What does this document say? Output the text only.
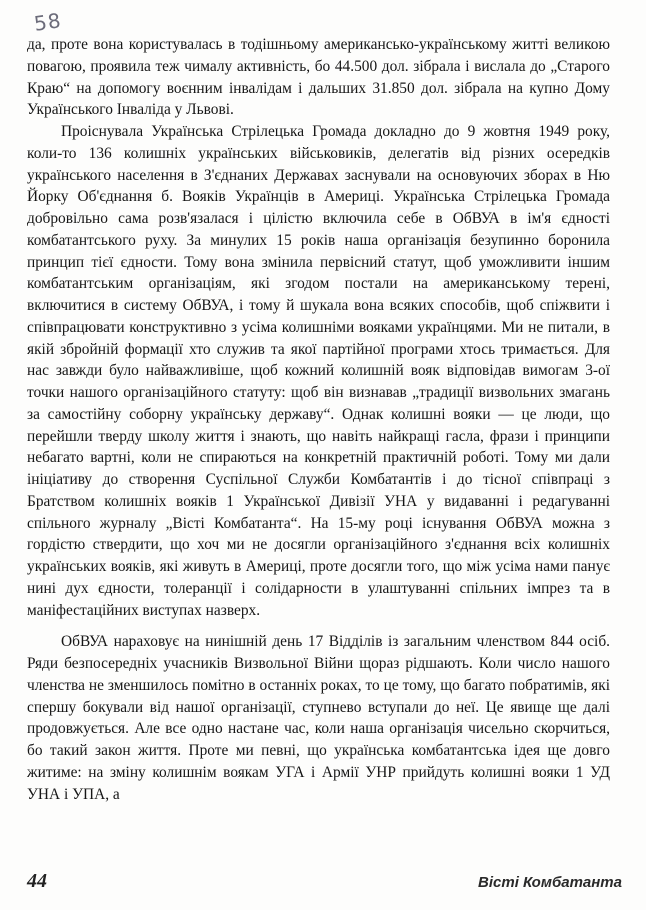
58

да, проте вона користувалась в тодішньому американсько-українському житті великою повагою, проявила теж чималу активність, бо 44.500 дол. зібрала і вислала до „Старого Краю“ на допомогу воєнним інвалідам і дальших 31.850 дол. зібрала на купно Дому Українського Інваліда у Львові.

Проіснувала Українська Стрілецька Громада докладно до 9 жовтня 1949 року, коли-то 136 колишніх українських військовиків, делегатів від різних осередків українського населення в З'єднаних Державах заснували на основуючих зборах в Ню Йорку Об'єднання б. Вояків Українців в Америці. Українська Стрілецька Громада добровільно сама розв'язалася і цілістю включила себе в ОбВУА в ім'я єдності комбатантського руху. За минулих 15 років наша організація безупинно боронила принцип тієї єдности. Тому вона змінила первісний статут, щоб уможливити іншим комбатантським організаціям, які згодом постали на американському терені, включитися в систему ОбВУА, і тому й шукала вона всяких способів, щоб спіжвити і співпрацювати конструктивно з усіма колишніми вояками українцями. Ми не питали, в якій збройній формації хто служив та якої партійної програми хтось тримається. Для нас завжди було найважливіше, щоб кожний колишній вояк відповідав вимогам 3-ої точки нашого організаційного статуту: щоб він визнавав „традиції визвольних змагань за самостійну соборну українську державу“. Однак колишні вояки — це люди, що перейшли тверду школу життя і знають, що навіть найкращі гасла, фрази і принципи небагато вартні, коли не спираються на конкретній практичній роботі. Тому ми дали ініціативу до створення Суспільної Служби Комбатантів і до тісної співпраці з Братством колишніх вояків 1 Української Дивізії УНА у видаванні і редагуванні спільного журналу „Вісті Комбатанта“. На 15-му році існування ОбВУА можна з гордістю ствердити, що хоч ми не досягли організаційного з'єднання всіх колишніх українських вояків, які живуть в Америці, проте досягли того, що між усіма нами панує нині дух єдности, толеранції і солідарности в улаштуванні спільних імпрез та в маніфестаційних виступах назверх.

ОбВУА нараховує на нинішній день 17 Відділів із загальним членством 844 осіб. Ряди безпосередніх учасників Визвольної Війни щораз рідшають. Коли число нашого членства не зменшилось помітно в останніх роках, то це тому, що багато побратимів, які спершу бокували від нашої організації, ступнево вступали до неї. Це явище ще далі продовжується. Але все одно настане час, коли наша організація чисельно скорчиться, бо такий закон життя. Проте ми певні, що українська комбатантська ідея ще довго житиме: на зміну колишнім воякам УГА і Армії УНР прийдуть колишні вояки 1 УД УНА і УПА, а

44	Вісті Комбатанта
